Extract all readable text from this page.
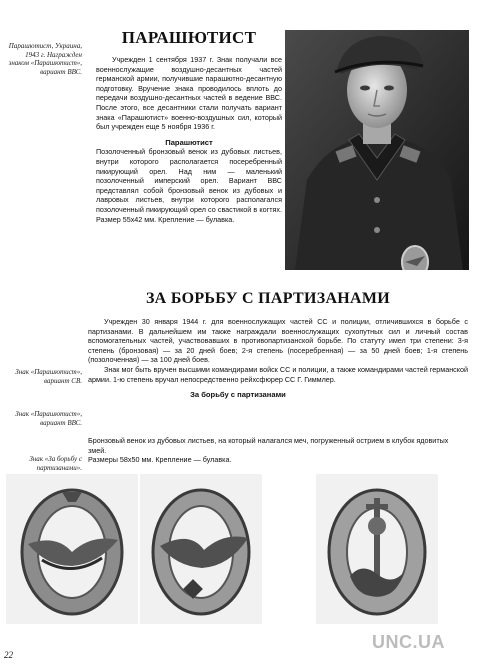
Парашютист, Украина, 1943 г. Награжден знаком «Парашютист», вариант ВВС.
ПАРАШЮТИСТ

Учрежден 1 сентября 1937 г. Знак получали все военнослужащие воздушно-десантных частей германской армии, получившие парашютно-десантную подготовку. Вручение знака проводилось вплоть до передачи воздушно-десантных частей в ведение ВВС. После этого, все десантники стали получать вариант знака «Парашютист» военно-воздушных сил, который был учрежден еще 5 ноября 1936 г.

Парашютист

Позолоченный бронзовый венок из дубовых листьев, внутри которого располагается посеребренный пикирующий орел. Над ним — маленький позолоченный имперский орел. Вариант ВВС представлял собой бронзовый венок из дубовых и лавровых листьев, внутри которого располагался позолоченный пикирующий орел со свастикой в когтях. Размер 55x42 мм. Крепление — булавка.

ЗА БОРЬБУ С ПАРТИЗАНАМИ

Учрежден 30 января 1944 г. для военнослужащих частей СС и полиции, отличившихся в борьбе с партизанами. В дальнейшем им также награждали военнослужащих сухопутных сил и личный состав вспомогательных частей, участвовавших в противопартизанской борьбе. По статуту имел три степени: 3-я степень (бронзовая) — за 20 дней боев; 2-я степень (посеребренная) — за 50 дней боев; 1-я степень (позолоченная) — за 100 дней боев.

Знак мог быть вручен высшими командирами войск СС и полиции, а также командирами частей германской армии. 1-ю степень вручал непосредственно рейхсфюрер СС Г. Гиммлер.

За борьбу с партизанами
Бронзовый венок из дубовых листьев, на который налагался меч, погруженный острием в клубок ядовитых змей.
Размеры 58x50 мм. Крепление — булавка.
Знак «Парашютист», вариант СВ.
Знак «Парашютист», вариант ВВС.
Знак «За борьбу с партизанами».
22
UNC.UA
